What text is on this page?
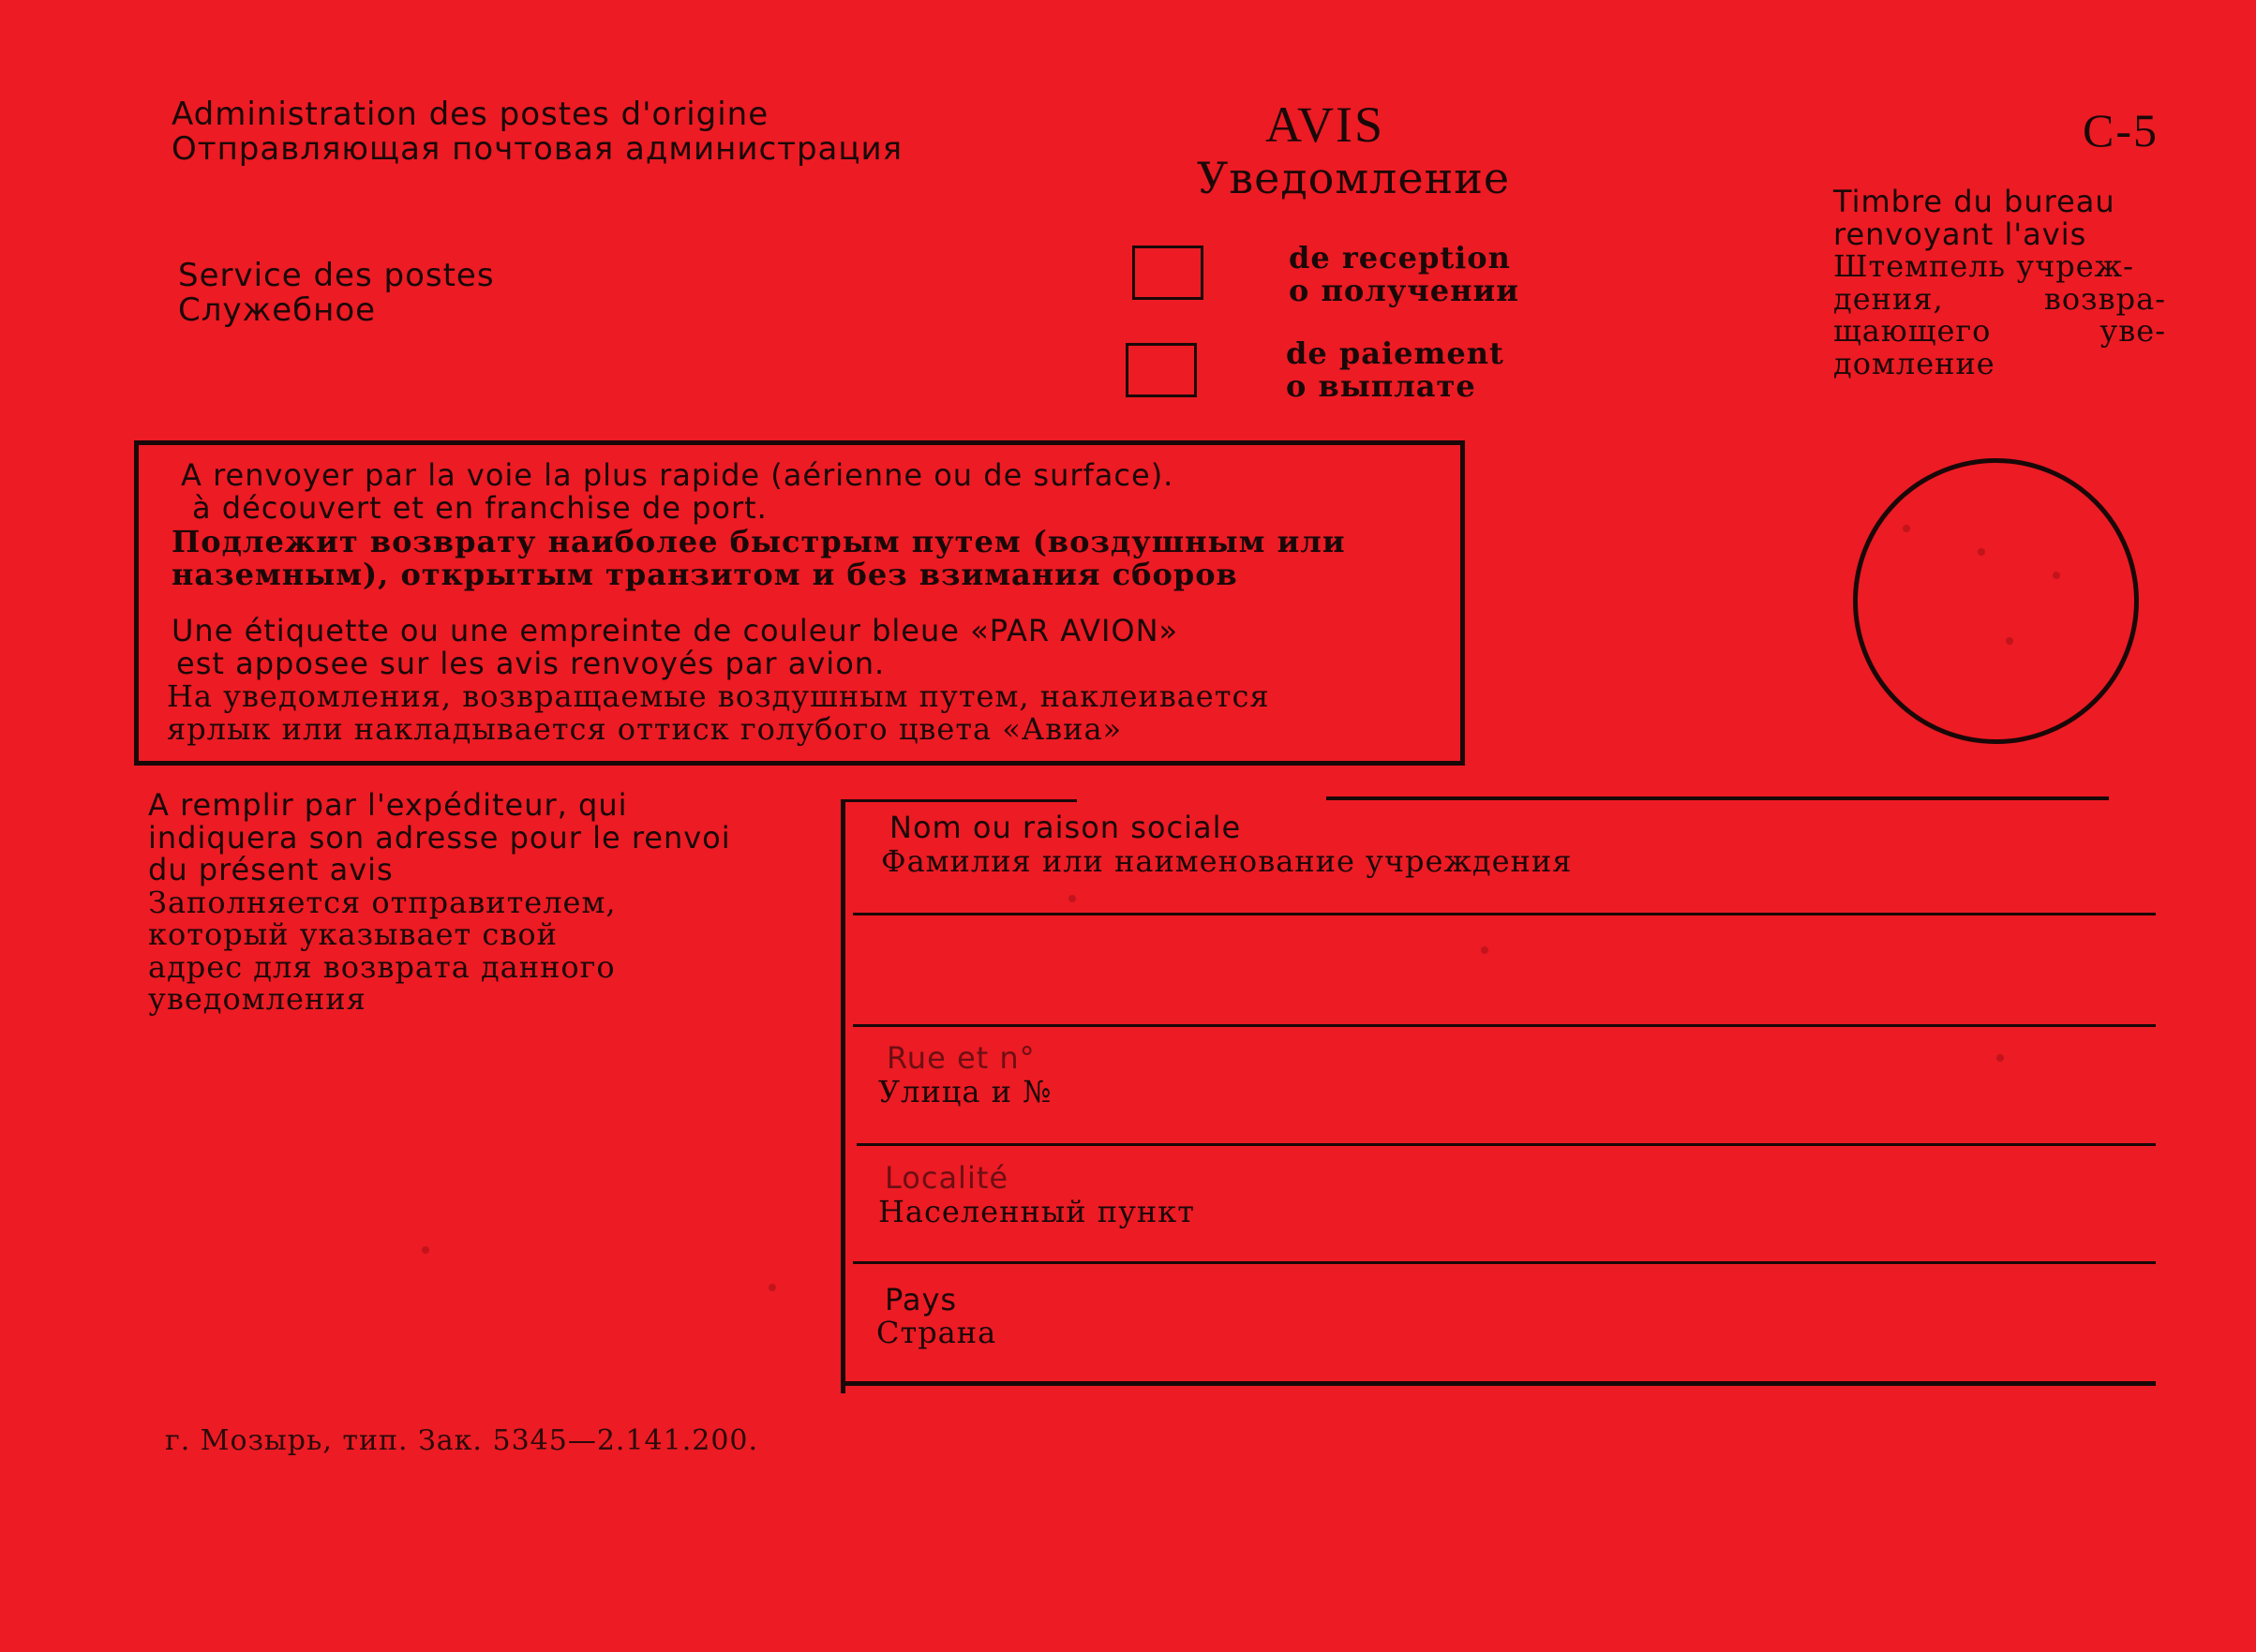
Administration des postes d'origine
Отправляющая почтовая администрация
Service des postes
Служебное
AVIS
Уведомление
de reception
о получении
de paiement
о выплате
C-5
Timbre du bureau
renvoyant l'avis
Штемпель учреж-
дения,	возвра-
щающего	уве-
домление
A renvoyer par la voie la plus rapide (aérienne ou de surface).
à découvert et en franchise de port.
Подлежит возврату наиболее быстрым путем (воздушным или
наземным), открытым транзитом и без взимания сборов
Une étiquette ou une empreinte de couleur bleue «PAR AVION»
est apposee sur les avis renvoyés par avion.
На уведомления, возвращаемые воздушным путем, наклеивается
ярлык или накладывается оттиск голубого цвета «Авиа»
A remplir par l'expéditeur, qui
indiquera son adresse pour le renvoi
du présent avis
Заполняется отправителем,
который указывает свой
адрес для возврата данного
уведомления
Nom ou raison sociale
Фамилия или наименование учреждения
Rue et n°
Улица и №
Localité
Населенный пункт
Pays
Страна
г. Мозырь, тип. Зак. 5345—2.141.200.
